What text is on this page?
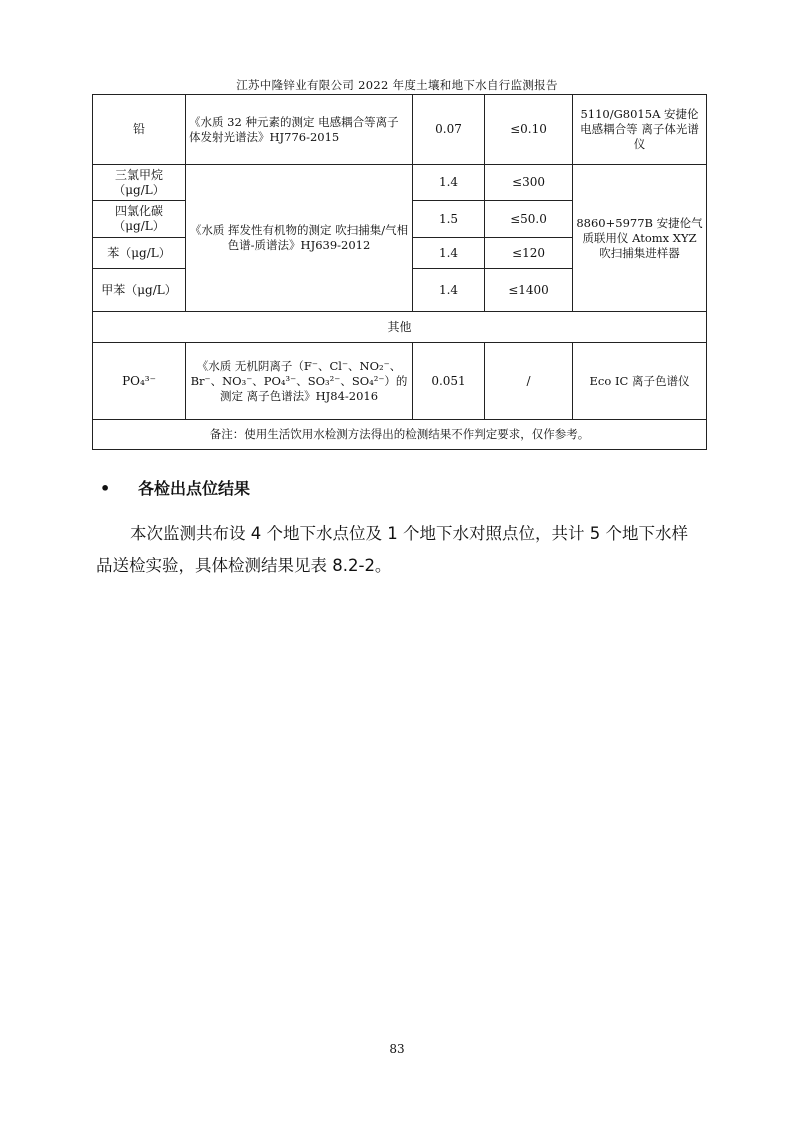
江苏中隆锌业有限公司 2022 年度土壤和地下水自行监测报告
铅	《水质 32 种元素的测定 电感耦合等离子体发射光谱法》HJ776-2015	0.07	≤0.10	5110/G8015A 安捷伦电感耦合等 离子体光谱仪
三氯甲烷（μg/L）	《水质 挥发性有机物的测定 吹扫捕集/气相色谱-质谱法》HJ639-2012	1.4	≤300	8860+5977B 安捷伦气质联用仪 Atomx XYZ 吹扫捕集进样器
四氯化碳（μg/L）		1.5	≤50.0	
苯（μg/L）		1.4	≤120	
甲苯（μg/L）		1.4	≤1400	
其他				
PO₄³⁻	《水质 无机阴离子（F⁻、Cl⁻、NO₂⁻、Br⁻、NO₃⁻、PO₄³⁻、SO₃²⁻、SO₄²⁻）的测定 离子色谱法》HJ84-2016	0.051	/	Eco IC 离子色谱仪
备注：使用生活饮用水检测方法得出的检测结果不作判定要求，仅作参考。				
• 各检出点位结果
本次监测共布设 4 个地下水点位及 1 个地下水对照点位，共计 5 个地下水样品送检实验，具体检测结果见表 8.2-2。
83
